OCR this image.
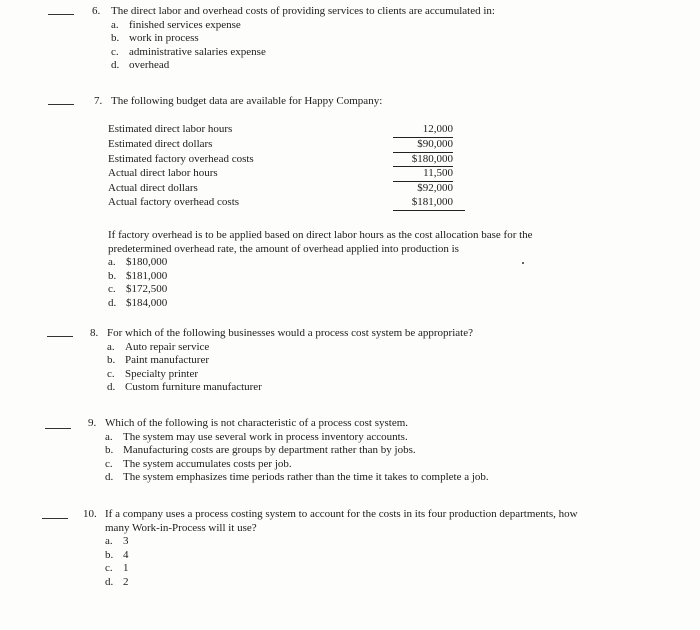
6. The direct labor and overhead costs of providing services to clients are accumulated in:
a. finished services expense
b. work in process
c. administrative salaries expense
d. overhead
7. The following budget data are available for Happy Company:
Estimated direct labor hours	12,000
Estimated direct dollars	$90,000
Estimated factory overhead costs	$180,000
Actual direct labor hours	11,500
Actual direct dollars	$92,000
Actual factory overhead costs	$181,000
If factory overhead is to be applied based on direct labor hours as the cost allocation base for the
predetermined overhead rate, the amount of overhead applied into production is
a. $180,000
b. $181,000
c. $172,500
d. $184,000
8. For which of the following businesses would a process cost system be appropriate?
a. Auto repair service
b. Paint manufacturer
c. Specialty printer
d. Custom furniture manufacturer
9. Which of the following is not characteristic of a process cost system.
a. The system may use several work in process inventory accounts.
b. Manufacturing costs are groups by department rather than by jobs.
c. The system accumulates costs per job.
d. The system emphasizes time periods rather than the time it takes to complete a job.
10. If a company uses a process costing system to account for the costs in its four production departments, how
many Work-in-Process will it use?
a. 3
b. 4
c. 1
d. 2
